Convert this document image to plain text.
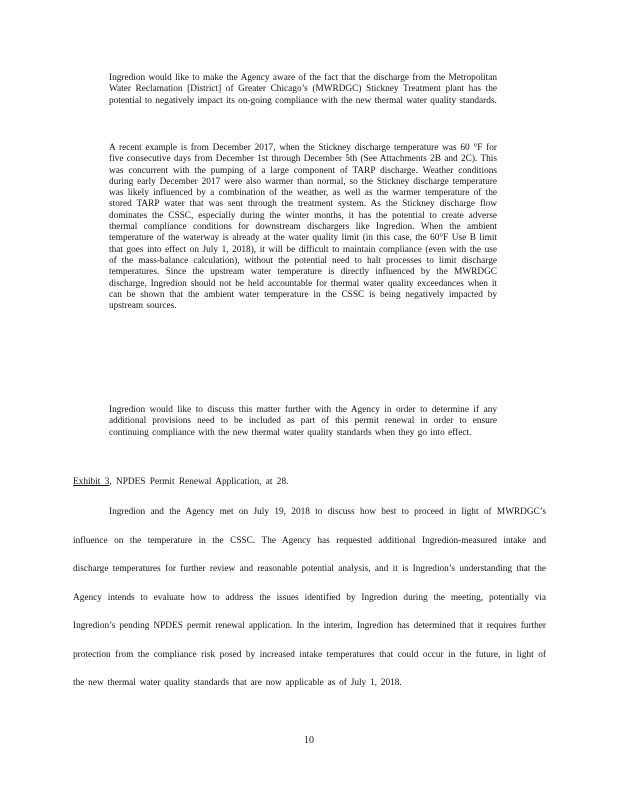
Ingredion would like to make the Agency aware of the fact that the discharge from the Metropolitan Water Reclamation [District] of Greater Chicago’s (MWRDGC) Stickney Treatment plant has the potential to negatively impact its on-going compliance with the new thermal water quality standards.

A recent example is from December 2017, when the Stickney discharge temperature was 60 °F for five consecutive days from December 1st through December 5th (See Attachments 2B and 2C). This was concurrent with the pumping of a large component of TARP discharge. Weather conditions during early December 2017 were also warmer than normal, so the Stickney discharge temperature was likely influenced by a combination of the weather, as well as the warmer temperature of the stored TARP water that was sent through the treatment system. As the Stickney discharge flow dominates the CSSC, especially during the winter months, it has the potential to create adverse thermal compliance conditions for downstream dischargers like Ingredion. When the ambient temperature of the waterway is already at the water quality limit (in this case, the 60°F Use B limit that goes into effect on July 1, 2018), it will be difficult to maintain compliance (even with the use of the mass-balance calculation), without the potential need to halt processes to limit discharge temperatures. Since the upstream water temperature is directly influenced by the MWRDGC discharge, Ingredion should not be held accountable for thermal water quality exceedances when it can be shown that the ambient water temperature in the CSSC is being negatively impacted by upstream sources.

Ingredion would like to discuss this matter further with the Agency in order to determine if any additional provisions need to be included as part of this permit renewal in order to ensure continuing compliance with the new thermal water quality standards when they go into effect.

Exhibit 3, NPDES Permit Renewal Application, at 28.

Ingredion and the Agency met on July 19, 2018 to discuss how best to proceed in light of MWRDGC’s influence on the temperature in the CSSC. The Agency has requested additional Ingredion-measured intake and discharge temperatures for further review and reasonable potential analysis, and it is Ingredion’s understanding that the Agency intends to evaluate how to address the issues identified by Ingredion during the meeting, potentially via Ingredion’s pending NPDES permit renewal application. In the interim, Ingredion has determined that it requires further protection from the compliance risk posed by increased intake temperatures that could occur in the future, in light of the new thermal water quality standards that are now applicable as of July 1, 2018.

10
